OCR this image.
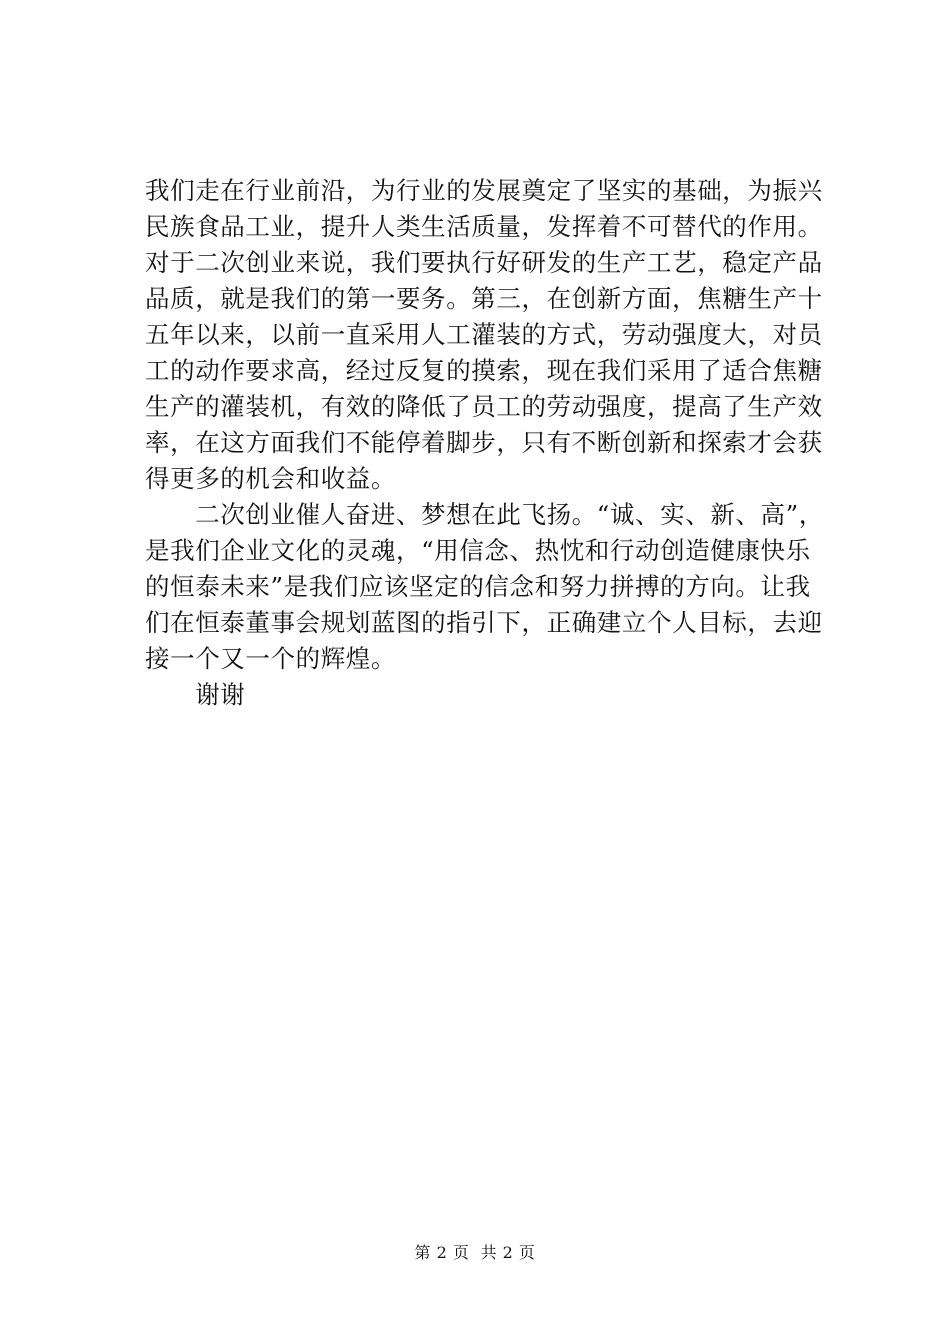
我们走在行业前沿，为行业的发展奠定了坚实的基础，为振兴
民族食品工业，提升人类生活质量，发挥着不可替代的作用。
对于二次创业来说，我们要执行好研发的生产工艺，稳定产品
品质，就是我们的第一要务。第三，在创新方面，焦糖生产十
五年以来，以前一直采用人工灌装的方式，劳动强度大，对员
工的动作要求高，经过反复的摸索，现在我们采用了适合焦糖
生产的灌装机，有效的降低了员工的劳动强度，提高了生产效
率，在这方面我们不能停着脚步，只有不断创新和探索才会获
得更多的机会和收益。
　　二次创业催人奋进、梦想在此飞扬。“诚、实、新、高”，
是我们企业文化的灵魂，“用信念、热忱和行动创造健康快乐
的恒泰未来”是我们应该坚定的信念和努力拼搏的方向。让我
们在恒泰董事会规划蓝图的指引下，正确建立个人目标，去迎
接一个又一个的辉煌。
　　谢谢
第 2 页  共 2 页
